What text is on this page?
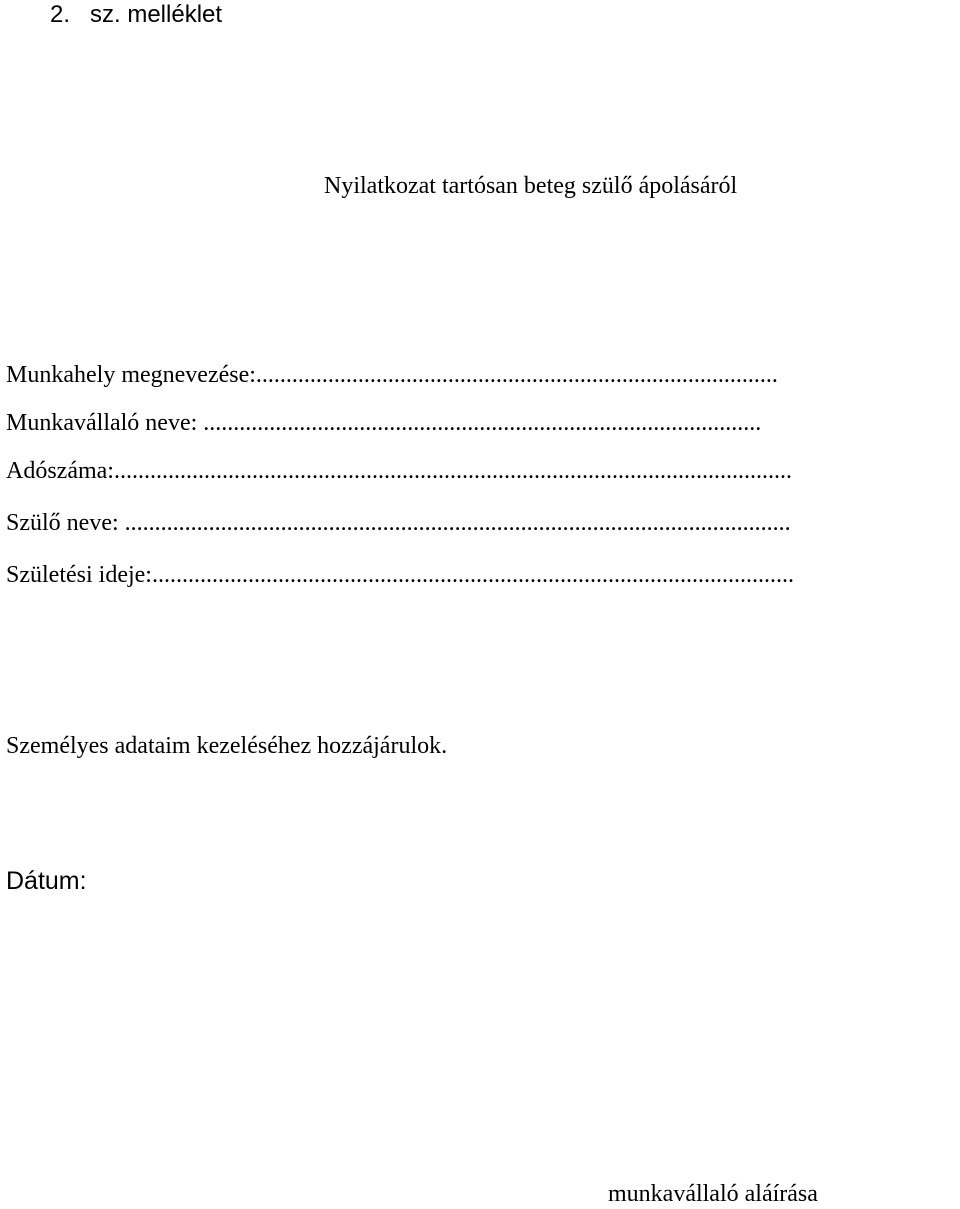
2. sz. melléklet
Nyilatkozat tartósan beteg szülő ápolásáról
Munkahely megnevezése:.......................................................................................
Munkavállaló neve: .............................................................................................
Adószáma:.................................................................................................................
Szülő neve: ...............................................................................................................
Születési ideje:...........................................................................................................
Személyes adataim kezeléséhez hozzájárulok.
Dátum:
munkavállaló aláírása
